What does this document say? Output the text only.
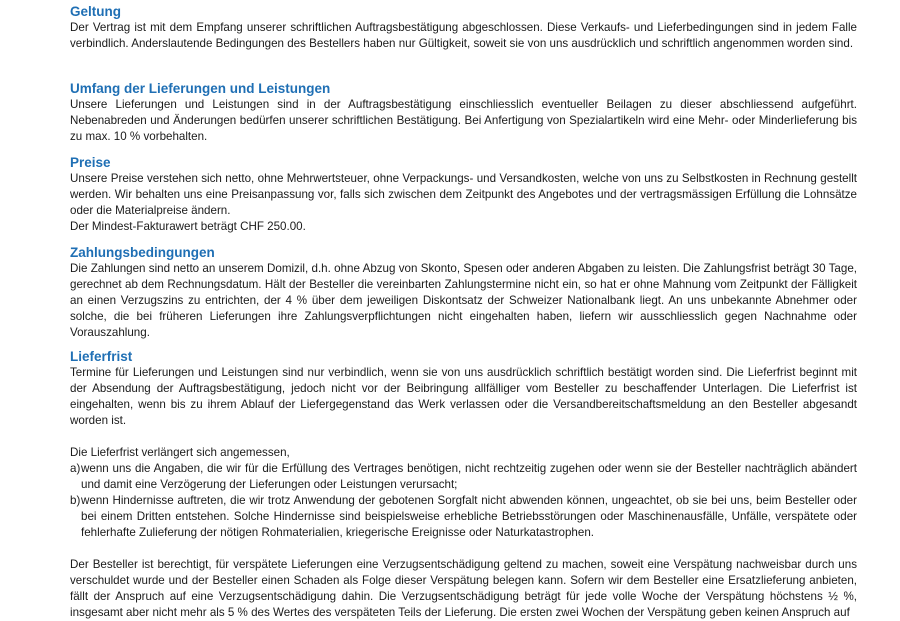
Geltung

Der Vertrag ist mit dem Empfang unserer schriftlichen Auftragsbestätigung abgeschlossen. Diese Verkaufs- und Lieferbedingungen sind in jedem Falle verbindlich. Anderslautende Bedingungen des Bestellers haben nur Gültigkeit, soweit sie von uns ausdrücklich und schriftlich angenommen worden sind.

Umfang der Lieferungen und Leistungen

Unsere Lieferungen und Leistungen sind in der Auftragsbestätigung einschliesslich eventueller Beilagen zu dieser abschliessend aufgeführt. Nebenabreden und Änderungen bedürfen unserer schriftlichen Bestätigung. Bei Anfertigung von Spezialartikeln wird eine Mehr- oder Minderlieferung bis zu max. 10 % vorbehalten.

Preise

Unsere Preise verstehen sich netto, ohne Mehrwertsteuer, ohne Verpackungs- und Versandkosten, welche von uns zu Selbstkosten in Rechnung gestellt werden. Wir behalten uns eine Preisanpassung vor, falls sich zwischen dem Zeitpunkt des Angebotes und der vertragsmässigen Erfüllung die Lohnsätze oder die Materialpreise ändern.

Der Mindest-Fakturawert beträgt CHF 250.00.

Zahlungsbedingungen

Die Zahlungen sind netto an unserem Domizil, d.h. ohne Abzug von Skonto, Spesen oder anderen Abgaben zu leisten. Die Zahlungsfrist beträgt 30 Tage, gerechnet ab dem Rechnungsdatum. Hält der Besteller die vereinbarten Zahlungstermine nicht ein, so hat er ohne Mahnung vom Zeitpunkt der Fälligkeit an einen Verzugszins zu entrichten, der 4 % über dem jeweiligen Diskontsatz der Schweizer Nationalbank liegt. An uns unbekannte Abnehmer oder solche, die bei früheren Lieferungen ihre Zahlungsverpflichtungen nicht eingehalten haben, liefern wir ausschliesslich gegen Nachnahme oder Vorauszahlung.

Lieferfrist

Termine für Lieferungen und Leistungen sind nur verbindlich, wenn sie von uns ausdrücklich schriftlich bestätigt worden sind. Die Lieferfrist beginnt mit der Absendung der Auftragsbestätigung, jedoch nicht vor der Beibringung allfälliger vom Besteller zu beschaffender Unterlagen. Die Lieferfrist ist eingehalten, wenn bis zu ihrem Ablauf der Liefergegenstand das Werk verlassen oder die Versandbereitschaftsmeldung an den Besteller abgesandt worden ist.

Die Lieferfrist verlängert sich angemessen,

a) wenn uns die Angaben, die wir für die Erfüllung des Vertrages benötigen, nicht rechtzeitig zugehen oder wenn sie der Besteller nachträglich abändert und damit eine Verzögerung der Lieferungen oder Leistungen verursacht;
b) wenn Hindernisse auftreten, die wir trotz Anwendung der gebotenen Sorgfalt nicht abwenden können, ungeachtet, ob sie bei uns, beim Besteller oder bei einem Dritten entstehen. Solche Hindernisse sind beispielsweise erhebliche Betriebsstörungen oder Maschinenausfälle, Unfälle, verspätete oder fehlerhafte Zulieferung der nötigen Rohmaterialien, kriegerische Ereignisse oder Naturkatastrophen.

Der Besteller ist berechtigt, für verspätete Lieferungen eine Verzugsentschädigung geltend zu machen, soweit eine Verspätung nachweisbar durch uns verschuldet wurde und der Besteller einen Schaden als Folge dieser Verspätung belegen kann. Sofern wir dem Besteller eine Ersatzlieferung anbieten, fällt der Anspruch auf eine Verzugsentschädigung dahin. Die Verzugsentschädigung beträgt für jede volle Woche der Verspätung höchstens ½ %, insgesamt aber nicht mehr als 5 % des Wertes des verspäteten Teils der Lieferung. Die ersten zwei Wochen der Verspätung geben keinen Anspruch auf
